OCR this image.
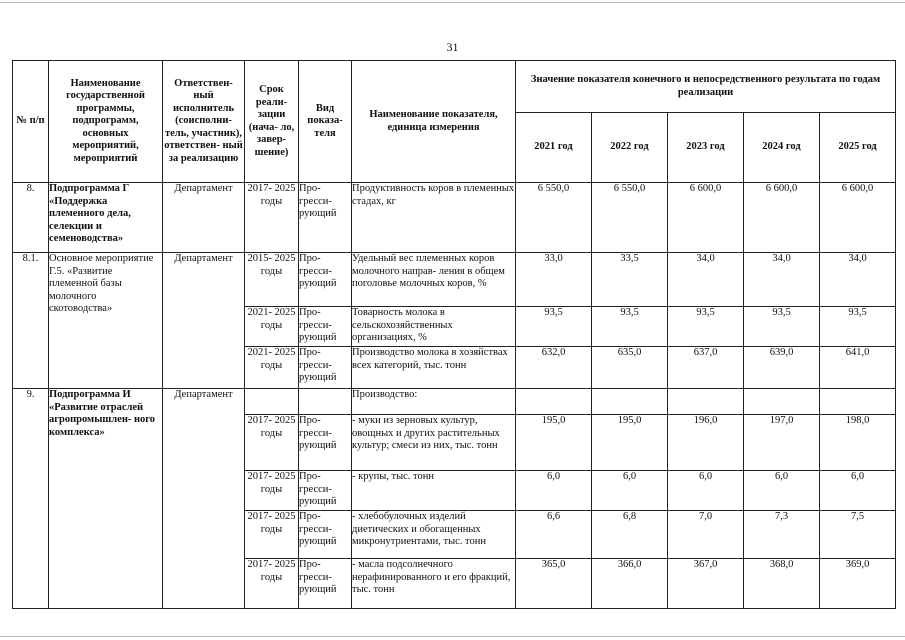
31
№ п/п	Наименование государственной программы, подпрограмм, основных мероприятий, мероприятий	Ответствен- ный исполнитель (соисполни- тель, участник), ответствен- ный за реализацию	Срок реали- зации (нача- ло, завер- шение)	Вид показа- теля	Наименование показателя, единица измерения	Значение показателя конечного и непосредственного результата по годам реализации				
						2021 год	2022 год	2023 год	2024 год	2025 год
8.	Подпрограмма Г «Поддержка племенного дела, селекции и семеноводства»	Департамент	2017- 2025 годы	Про- гресси- рующий	Продуктивность коров в племенных стадах, кг	6 550,0	6 550,0	6 600,0	6 600,0	6 600,0
8.1.	Основное мероприятие Г.5. «Развитие племенной базы молочного скотоводства»	Департамент	2015- 2025 годы	Про- гресси- рующий	Удельный вес племенных коров молочного направ- ления в общем поголовье молочных коров, %	33,0	33,5	34,0	34,0	34,0
			2021- 2025 годы	Про- гресси- рующий	Товарность молока в сельскохозяйственных организациях, %	93,5	93,5	93,5	93,5	93,5
			2021- 2025 годы	Про- гресси- рующий	Производство молока в хозяйствах всех категорий, тыс. тонн	632,0	635,0	637,0	639,0	641,0
9.	Подпрограмма И «Развитие отраслей агропромышлен- ного комплекса»	Департамент			Производство:					
			2017- 2025 годы	Про- гресси- рующий	- муки из зерновых культур, овощных и других растительных культур; смеси из них, тыс. тонн	195,0	195,0	196,0	197,0	198,0
			2017- 2025 годы	Про- гресси- рующий	- крупы, тыс. тонн	6,0	6,0	6,0	6,0	6,0
			2017- 2025 годы	Про- гресси- рующий	- хлебобулочных изделий диетических и обогащенных микронутриентами, тыс. тонн	6,6	6,8	7,0	7,3	7,5
			2017- 2025 годы	Про- гресси- рующий	- масла подсолнечного нерафинированного и его фракций, тыс. тонн	365,0	366,0	367,0	368,0	369,0
